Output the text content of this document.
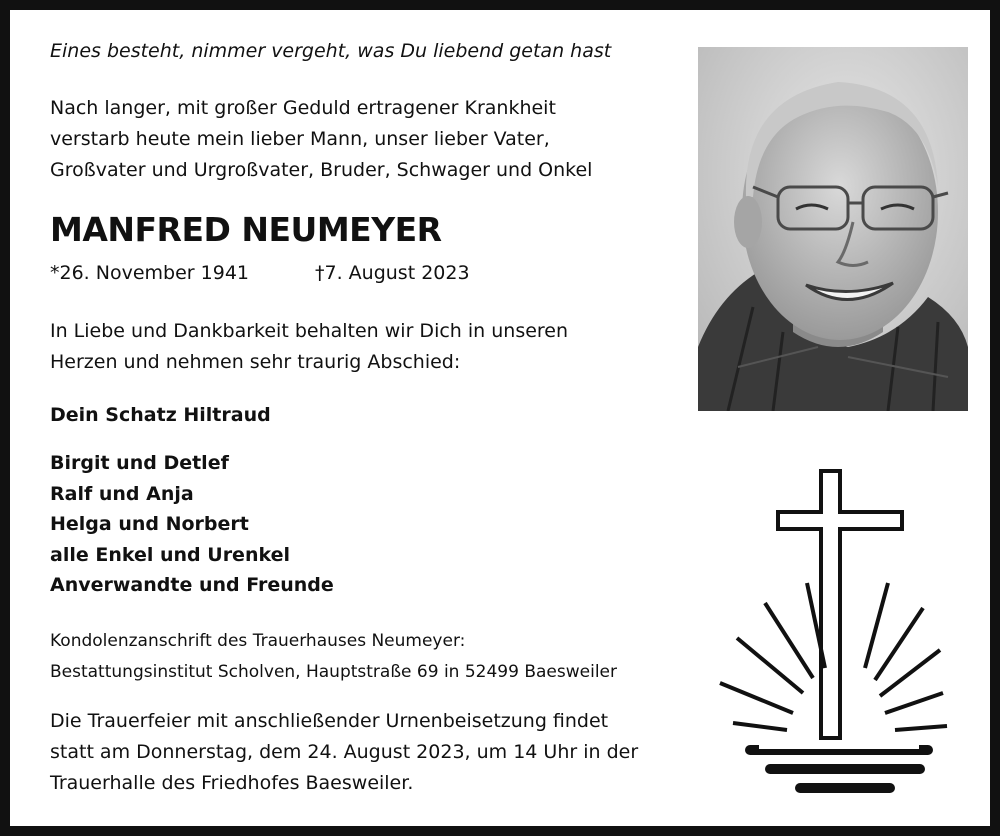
Eines besteht, nimmer vergeht, was Du liebend getan hast
Nach langer, mit großer Geduld ertragener Krankheit
verstarb heute mein lieber Mann, unser lieber Vater,
Großvater und Urgroßvater, Bruder, Schwager und Onkel
MANFRED NEUMEYER
*26. November 1941	†7. August 2023
In Liebe und Dankbarkeit behalten wir Dich in unseren
Herzen und nehmen sehr traurig Abschied:
Dein Schatz Hiltraud
Birgit und Detlef
Ralf und Anja
Helga und Norbert
alle Enkel und Urenkel
Anverwandte und Freunde
Kondolenzanschrift des Trauerhauses Neumeyer:
Bestattungsinstitut Scholven, Hauptstraße 69 in 52499 Baesweiler
Die Trauerfeier mit anschließender Urnenbeisetzung findet
statt am Donnerstag, dem 24. August 2023, um 14 Uhr in der
Trauerhalle des Friedhofes Baesweiler.
